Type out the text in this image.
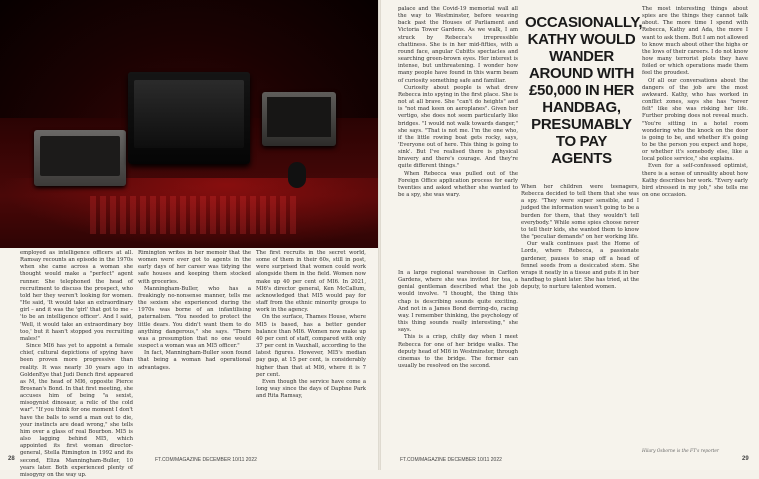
employed as intelligence officers at all. Ramsay recounts an episode in the 1970s when she came across a woman she thought would make a "perfect" agent runner. She telephoned the head of recruitment to discuss the prospect, who told her they weren't looking for women. "He said, 'It would take an extraordinary girl – and it was the 'girl' that got to me – 'to be an intelligence officer'. And I said, 'Well, it would take an extraordinary boy too,' but it hasn't stopped you recruiting males!"

Since MI6 has yet to appoint a female chief, cultural depictions of spying have been proven more progressive than reality. It was nearly 30 years ago in GoldenEye that Judi Dench first appeared as M, the head of MI6, opposite Pierce Brosnan's Bond. In that first meeting, she accuses him of being "a sexist, misogynist dinosaur, a relic of the cold war". "If you think for one moment I don't have the balls to send a man out to die, your instincts are dead wrong," she tells him over a glass of real Bourbon. MI5 is also lagging behind MI5, which appointed its first woman director-general, Stella Rimington in 1992 and its second, Eliza Manningham-Buller, 10 years later. Both experienced plenty of misogyny on the way up.

Rimington writes in her memoir that the women were ever got to agents in the early days of her career was tidying the safe houses and keeping them stocked with groceries.

Manningham-Buller, who has a freakingly no-nonsense manner, tells me the sexism she experienced during the 1970s was borne of an infantilising paternalism. "You needed to protect the little dears. You didn't want them to do anything dangerous," she says. "There was a presumption that no one would suspect a woman was an MI5 officer."

In fact, Manningham-Buller soon found that being a woman had operational advantages.

The first recruits in the secret world, some of them in their 60s, still in post, were surprised that women could work alongside them in the field. Women now make up 40 per cent of MI6. In 2021, MI6's director general, Ken McCallum, acknowledged that MI5 would pay for staff from the ethnic minority groups to work in the agency.

On the surface, Thames House, where MI5 is based, has a better gender balance than MI6. Women now make up 40 per cent of staff, compared with only 37 per cent in Vauxhall, according to the latest figures. However, MI5's median pay gap, at 15 per cent, is considerably higher than that at MI6, where it is 7 per cent.

Even though the service have come a long way since the days of Daphne Park and Rita Ramsay,

28	FT.COM/MAGAZINE DECEMBER 10/11 2022

palace and the Covid-19 memorial wall all the way to Westminster, before weaving back past the Houses of Parliament and Victoria Tower Gardens. As we walk, I am struck by Rebecca's irrepressible chattiness. She is in her mid-fifties, with a round face, angular Cubitts spectacles and searching green-brown eyes. Her interest is intense, but unthreatening. I wonder how many people have found in this warm beam of curiosity something safe and familiar.

Curiosity about people is what drew Rebecca into spying in the first place. She is not at all brave. She "can't do heights" and is "not mad keen on aeroplanes". Given her vertigo, she does not seem particularly like bridges. "I would not walk towards danger," she says. "That is not me. I'm the one who, if the little rowing boat gets rocky, says, 'Everyone out of here. This thing is going to sink'. But I've realised there is physical bravery and there's courage. And they're quite different things."

When Rebecca was pulled out of the Foreign Office application process for early twenties and asked whether she wanted to be a spy, she was wary.

In a large regional warehouse in Carlton Gardens, where she was invited for tea, a genial gentleman described what the job would involve. "I thought, the thing this chap is describing sounds quite exciting. And not in a James Bond derring-do, racing way. I remember thinking, the psychology of this thing sounds really interesting," she says.

This is a crisp, chilly day when I meet Rebecca for one of her bridge walks. The deputy head of MI6 in Westminster, through cinemas to the bridge. The former can usually be resolved on the second.

OCCASIONALLY, KATHY WOULD WANDER AROUND WITH £50,000 IN HER HANDBAG, PRESUMABLY TO PAY AGENTS

When her children were teenagers, Rebecca decided to tell them that she was a spy. "They were super sensible, and I judged the information wasn't going to be a burden for them, that they wouldn't tell everybody." While some spies choose never to tell their kids, she wanted them to know the "peculiar demands" on her working life.

Our walk continues past the Home of Lords, where Rebecca, a passionate gardener, pauses to snap off a head of fennel seeds from a desiccated stem. She wraps it neatly in a tissue and puts it in her handbag to plant later. She has tried, at the deputy, to nurture talented women.

The most interesting things about spies are the things they cannot talk about. The more time I spend with Rebecca, Kathy and Ada, the more I want to ask them. But I am not allowed to know much about other the highs or the lows of their careers. I do not know how many terrorist plots they have foiled or which operations made them feel the proudest.

Of all our conversations about the dangers of the job are the most awkward. Kathy, who has worked in conflict zones, says she has "never felt" like she was risking her life. Further probing does not reveal much. "You're sitting in a hotel room wondering who the knock on the door is going to be, and whether it's going to be the person you expect and hope, or whether it's somebody else, like a local police service," she explains.

Even for a self-confessed optimist, there is a sense of unreality about how Kathy describes her work. "Every early bird stressed in my job," she tells me on one occasion.

Hilary Osborne is the FT's reporter
FT.COM/MAGAZINE DECEMBER 10/11 2022	29
